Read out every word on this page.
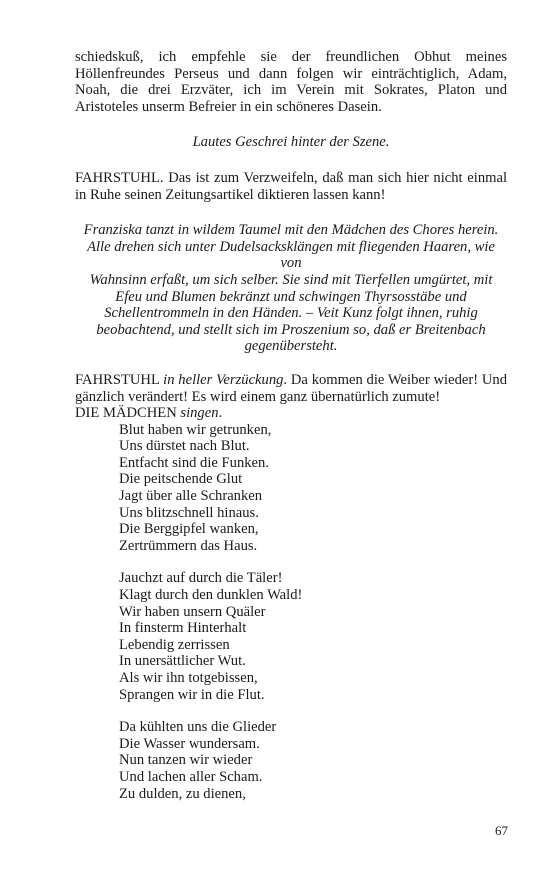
schiedskuß, ich empfehle sie der freundlichen Obhut meines Höllenfreundes Perseus und dann folgen wir einträchtiglich, Adam, Noah, die drei Erzväter, ich im Verein mit Sokrates, Platon und Aristoteles unserm Befreier in ein schöneres Dasein.

Lautes Geschrei hinter der Szene.

FAHRSTUHL. Das ist zum Verzweifeln, daß man sich hier nicht einmal in Ruhe seinen Zeitungsartikel diktieren lassen kann!

Franziska tanzt in wildem Taumel mit den Mädchen des Chores herein.
Alle drehen sich unter Dudelsacksklängen mit fliegenden Haaren, wie
von
Wahnsinn erfaßt, um sich selber. Sie sind mit Tierfellen umgürtet, mit
Efeu und Blumen bekränzt und schwingen Thyrsosstäbe und
Schellentrommeln in den Händen. – Veit Kunz folgt ihnen, ruhig
beobachtend, und stellt sich im Proszenium so, daß er Breitenbach
gegenübersteht.

FAHRSTUHL in heller Verzückung. Da kommen die Weiber wieder! Und gänzlich verändert! Es wird einem ganz übernatürlich zumute!

DIE MÄDCHEN singen.

Blut haben wir getrunken,
Uns dürstet nach Blut.
Entfacht sind die Funken.
Die peitschende Glut
Jagt über alle Schranken
Uns blitzschnell hinaus.
Die Berggipfel wanken,
Zertrümmern das Haus.
Jauchzt auf durch die Täler!
Klagt durch den dunklen Wald!
Wir haben unsern Quäler
In finsterm Hinterhalt
Lebendig zerrissen
In unersättlicher Wut.
Als wir ihn totgebissen,
Sprangen wir in die Flut.
Da kühlten uns die Glieder
Die Wasser wundersam.
Nun tanzen wir wieder
Und lachen aller Scham.
Zu dulden, zu dienen,
67
